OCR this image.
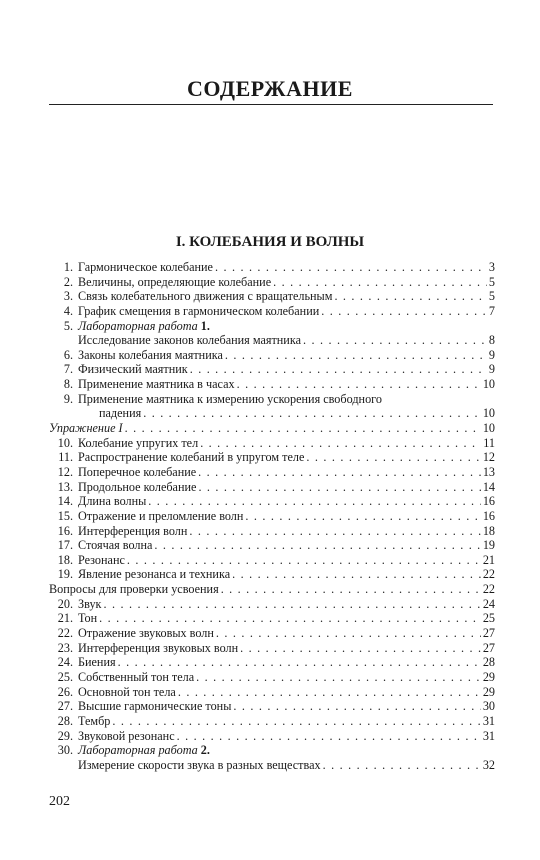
СОДЕРЖАНИЕ
I. КОЛЕБАНИЯ И ВОЛНЫ
1. Гармоническое колебание . . .	3
2. Величины, определяющие колебание . . .	5
3. Связь колебательного движения с вращательным . . .	5
4. График смещения в гармоническом колебании . . .	7
5. Лабораторная работа
1.
Исследование законов колебания маятника . . .	8
6. Законы колебания маятника . . .	9
7. Физический маятник . . .	9
8. Применение маятника в часах . . .	10
9. Применение маятника к измерению ускорения свободного
падения . . .	10
Упражнение I . . .	10
10. Колебание упругих тел . . .	11
11. Распространение колебаний в упругом теле . . .	12
12. Поперечное колебание . . .	13
13. Продольное колебание . . .	14
14. Длина волны . . .	16
15. Отражение и преломление волн . . .	16
16. Интерференция волн . . .	18
17. Стоячая волна . . .	19
18. Резонанс . . .	21
19. Явление резонанса и техника . . .	22
Вопросы для проверки усвоения . . .	22
20. Звук . . .	24
21. Тон . . .	25
22. Отражение звуковых волн . . .	27
23. Интерференция звуковых волн . . .	27
24. Биения . . .	28
25. Собственный тон тела . . .	29
26. Основной тон тела . . .	29
27. Высшие гармонические тоны . . .	30
28. Тембр . . .	31
29. Звуковой резонанс . . .	31
30. Лабораторная работа
2.
Измерение скорости звука в разных веществах . . .	32
202
